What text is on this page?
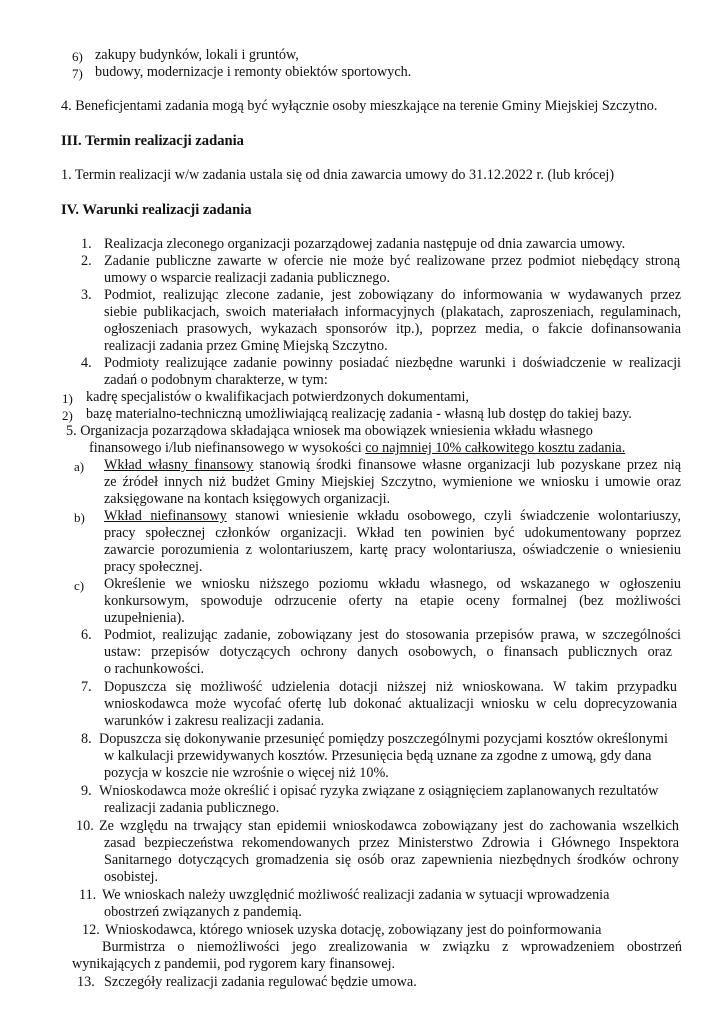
6) zakupy budynków, lokali i gruntów,
7) budowy, modernizacje i remonty obiektów sportowych.
4. Beneficjentami zadania mogą być wyłącznie osoby mieszkające na terenie Gminy Miejskiej Szczytno.
III. Termin realizacji zadania
1. Termin realizacji w/w zadania ustala się od dnia zawarcia umowy do 31.12.2022 r. (lub krócej)
IV. Warunki realizacji zadania
1. Realizacja zleconego organizacji pozarządowej zadania następuje od dnia zawarcia umowy.
2. Zadanie publiczne zawarte w ofercie nie może być realizowane przez podmiot niebędący stroną
umowy o wsparcie realizacji zadania publicznego.
3. Podmiot, realizując zlecone zadanie, jest zobowiązany do informowania w wydawanych przez
siebie publikacjach, swoich materiałach informacyjnych (plakatach, zaproszeniach, regulaminach,
ogłoszeniach prasowych, wykazach sponsorów itp.), poprzez media, o fakcie dofinansowania
realizacji zadania przez Gminę Miejską Szczytno.
4. Podmioty realizujące zadanie powinny posiadać niezbędne warunki i doświadczenie w realizacji
zadań o podobnym charakterze, w tym:
1) kadrę specjalistów o kwalifikacjach potwierdzonych dokumentami,
2) bazę materialno-techniczną umożliwiającą realizację zadania - własną lub dostęp do takiej bazy.
5. Organizacja pozarządowa składająca wniosek ma obowiązek wniesienia wkładu własnego
finansowego i/lub niefinansowego w wysokości co najmniej 10% całkowitego kosztu zadania.
a) Wkład własny finansowy stanowią środki finansowe własne organizacji lub pozyskane przez nią
ze źródeł innych niż budżet Gminy Miejskiej Szczytno, wymienione we wniosku i umowie oraz
zaksięgowane na kontach księgowych organizacji.
b) Wkład niefinansowy stanowi wniesienie wkładu osobowego, czyli świadczenie wolontariuszy,
pracy społecznej członków organizacji. Wkład ten powinien być udokumentowany poprzez
zawarcie porozumienia z wolontariuszem, kartę pracy wolontariusza, oświadczenie o wniesieniu
pracy społecznej.
c) Określenie we wniosku niższego poziomu wkładu własnego, od wskazanego w ogłoszeniu
konkursowym, spowoduje odrzucenie oferty na etapie oceny formalnej (bez możliwości
uzupełnienia).
6. Podmiot, realizując zadanie, zobowiązany jest do stosowania przepisów prawa, w szczególności
ustaw: przepisów dotyczących ochrony danych osobowych, o finansach publicznych oraz
o rachunkowości.
7. Dopuszcza się możliwość udzielenia dotacji niższej niż wnioskowana. W takim przypadku
wnioskodawca może wycofać ofertę lub dokonać aktualizacji wniosku w celu doprecyzowania
warunków i zakresu realizacji zadania.
8. Dopuszcza się dokonywanie przesunięć pomiędzy poszczególnymi pozycjami kosztów określonymi
w kalkulacji przewidywanych kosztów. Przesunięcia będą uznane za zgodne z umową, gdy dana
pozycja w koszcie nie wzrośnie o więcej niż 10%.
9. Wnioskodawca może określić i opisać ryzyka związane z osiągnięciem zaplanowanych rezultatów
realizacji zadania publicznego.
10. Ze względu na trwający stan epidemii wnioskodawca zobowiązany jest do zachowania wszelkich
zasad bezpieczeństwa rekomendowanych przez Ministerstwo Zdrowia i Głównego Inspektora
Sanitarnego dotyczących gromadzenia się osób oraz zapewnienia niezbędnych środków ochrony
osobistej.
11. We wnioskach należy uwzględnić możliwość realizacji zadania w sytuacji wprowadzenia
obostrzeń związanych z pandemią.
12. Wnioskodawca, którego wniosek uzyska dotację, zobowiązany jest do poinformowania
Burmistrza o niemożliwości jego zrealizowania w związku z wprowadzeniem obostrzeń
wynikających z pandemii, pod rygorem kary finansowej.
13. Szczegóły realizacji zadania regulować będzie umowa.
